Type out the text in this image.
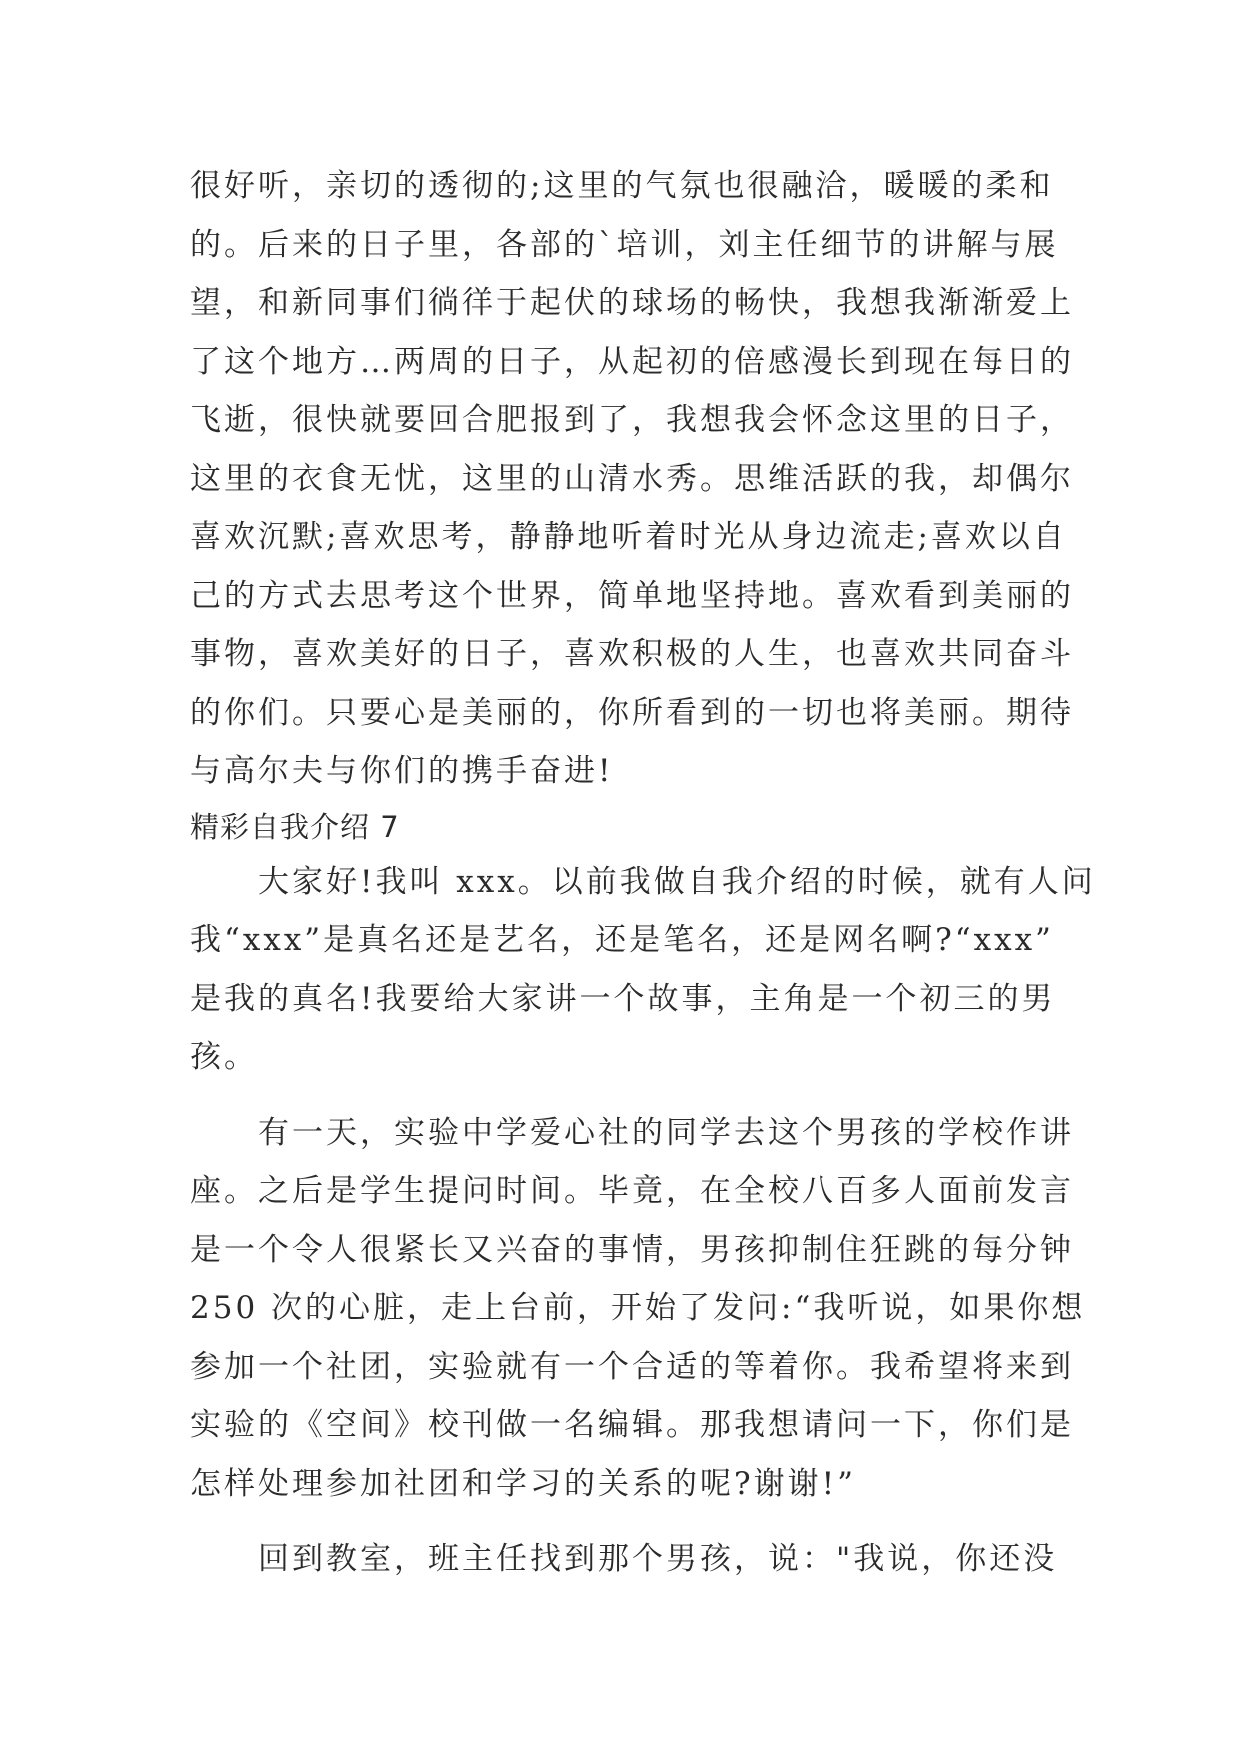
很好听，亲切的透彻的;这里的气氛也很融洽，暖暖的柔和
的。后来的日子里，各部的`培训，刘主任细节的讲解与展
望，和新同事们徜徉于起伏的球场的畅快，我想我渐渐爱上
了这个地方…两周的日子，从起初的倍感漫长到现在每日的
飞逝，很快就要回合肥报到了，我想我会怀念这里的日子，
这里的衣食无忧，这里的山清水秀。思维活跃的我，却偶尔
喜欢沉默;喜欢思考，静静地听着时光从身边流走;喜欢以自
己的方式去思考这个世界，简单地坚持地。喜欢看到美丽的
事物，喜欢美好的日子，喜欢积极的人生，也喜欢共同奋斗
的你们。只要心是美丽的，你所看到的一切也将美丽。期待
与高尔夫与你们的携手奋进!
精彩自我介绍 7
大家好!我叫 xxx。以前我做自我介绍的时候，就有人问
我“xxx”是真名还是艺名，还是笔名，还是网名啊?“xxx”
是我的真名!我要给大家讲一个故事，主角是一个初三的男
孩。
有一天，实验中学爱心社的同学去这个男孩的学校作讲
座。之后是学生提问时间。毕竟，在全校八百多人面前发言
是一个令人很紧长又兴奋的事情，男孩抑制住狂跳的每分钟
250 次的心脏，走上台前，开始了发问:“我听说，如果你想
参加一个社团，实验就有一个合适的等着你。我希望将来到
实验的《空间》校刊做一名编辑。那我想请问一下，你们是
怎样处理参加社团和学习的关系的呢?谢谢!”
回到教室，班主任找到那个男孩，说："我说，你还没
